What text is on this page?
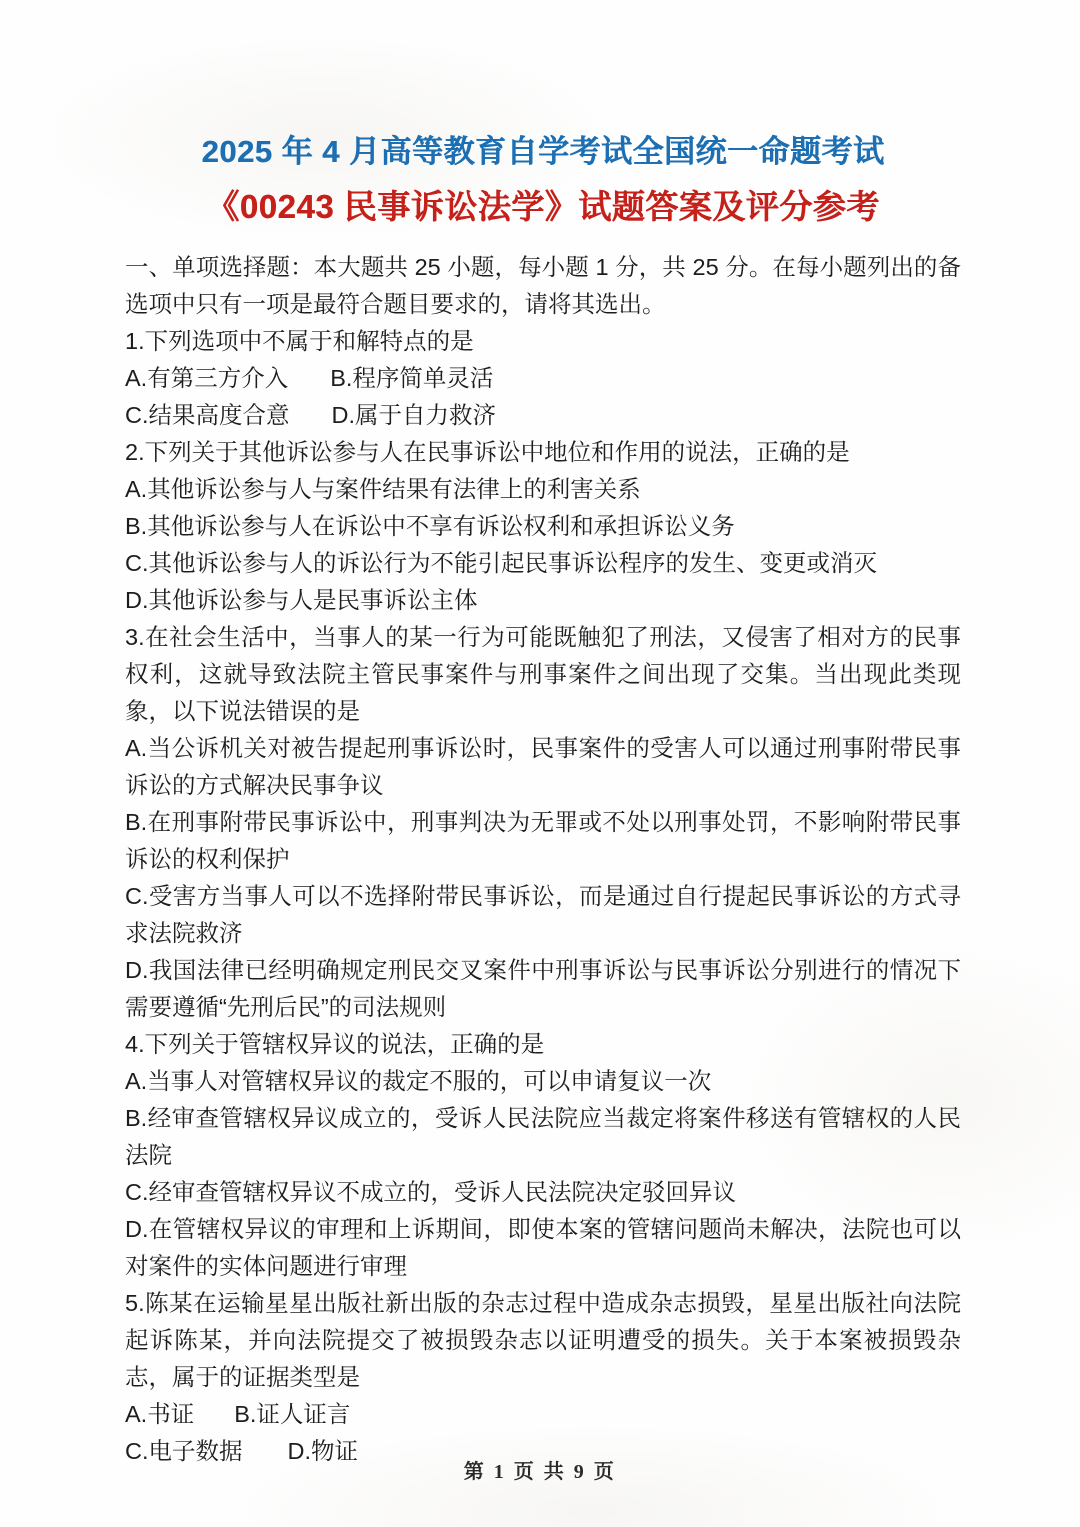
2025 年 4 月高等教育自学考试全国统一命题考试
《00243 民事诉讼法学》试题答案及评分参考

一、单项选择题：本大题共 25 小题，每小题 1 分，共 25 分。在每小题列出的备选项中只有一项是最符合题目要求的，请将其选出。

1.下列选项中不属于和解特点的是

A.有第三方介入 B.程序简单灵活

C.结果高度合意 D.属于自力救济

2.下列关于其他诉讼参与人在民事诉讼中地位和作用的说法，正确的是

A.其他诉讼参与人与案件结果有法律上的利害关系

B.其他诉讼参与人在诉讼中不享有诉讼权利和承担诉讼义务

C.其他诉讼参与人的诉讼行为不能引起民事诉讼程序的发生、变更或消灭

D.其他诉讼参与人是民事诉讼主体

3.在社会生活中，当事人的某一行为可能既触犯了刑法，又侵害了相对方的民事权利，这就导致法院主管民事案件与刑事案件之间出现了交集。当出现此类现象，以下说法错误的是

A.当公诉机关对被告提起刑事诉讼时，民事案件的受害人可以通过刑事附带民事诉讼的方式解决民事争议

B.在刑事附带民事诉讼中，刑事判决为无罪或不处以刑事处罚，不影响附带民事诉讼的权利保护

C.受害方当事人可以不选择附带民事诉讼，而是通过自行提起民事诉讼的方式寻求法院救济

D.我国法律已经明确规定刑民交叉案件中刑事诉讼与民事诉讼分别进行的情况下需要遵循“先刑后民”的司法规则

4.下列关于管辖权异议的说法，正确的是

A.当事人对管辖权异议的裁定不服的，可以申请复议一次

B.经审查管辖权异议成立的，受诉人民法院应当裁定将案件移送有管辖权的人民法院

C.经审查管辖权异议不成立的，受诉人民法院决定驳回异议

D.在管辖权异议的审理和上诉期间，即使本案的管辖问题尚未解决，法院也可以对案件的实体问题进行审理

5.陈某在运输星星出版社新出版的杂志过程中造成杂志损毁，星星出版社向法院起诉陈某，并向法院提交了被损毁杂志以证明遭受的损失。关于本案被损毁杂志，属于的证据类型是

A.书证 B.证人证言

C.电子数据 D.物证

第 1 页 共 9 页
